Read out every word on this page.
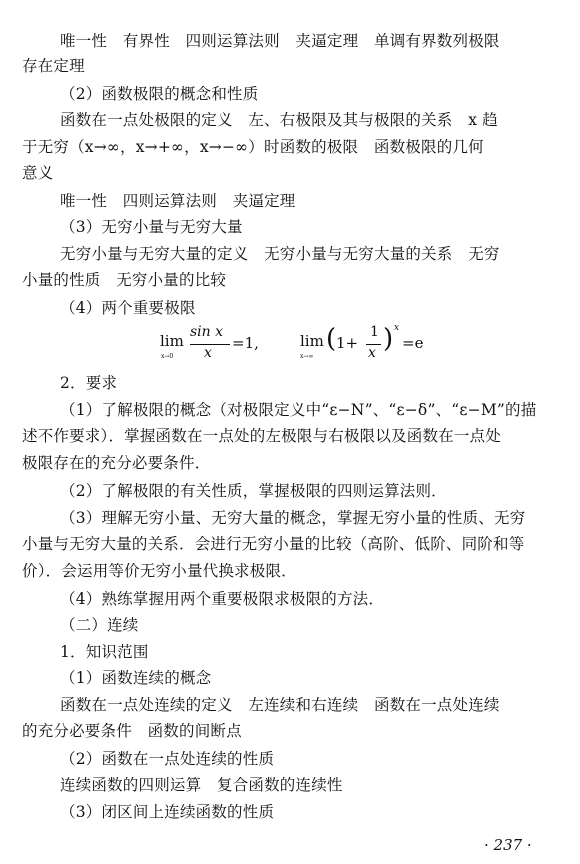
唯一性　有界性　四则运算法则　夹逼定理　单调有界数列极限
存在定理
（2）函数极限的概念和性质
函数在一点处极限的定义　左、右极限及其与极限的关系　x 趋
于无穷（x→∞，x→+∞，x→−∞）时函数的极限　函数极限的几何
意义
唯一性　四则运算法则　夹逼定理
（3）无穷小量与无穷大量
无穷小量与无穷大量的定义　无穷小量与无穷大量的关系　无穷
小量的性质　无穷小量的比较
（4）两个重要极限
lim
x→0
sin x
x
=1,	lim
x→∞
( 1+
1
x ) x
=e
2．要求
（1）了解极限的概念（对极限定义中“ε−N”、“ε−δ”、“ε−M”的描
述不作要求）．掌握函数在一点处的左极限与右极限以及函数在一点处
极限存在的充分必要条件．
（2）了解极限的有关性质，掌握极限的四则运算法则．
（3）理解无穷小量、无穷大量的概念，掌握无穷小量的性质、无穷
小量与无穷大量的关系．会进行无穷小量的比较（高阶、低阶、同阶和等
价）．会运用等价无穷小量代换求极限．
（4）熟练掌握用两个重要极限求极限的方法．
（二）连续
1．知识范围
（1）函数连续的概念
函数在一点处连续的定义　左连续和右连续　函数在一点处连续
的充分必要条件　函数的间断点
（2）函数在一点处连续的性质
连续函数的四则运算　复合函数的连续性
（3）闭区间上连续函数的性质
· 237 ·
